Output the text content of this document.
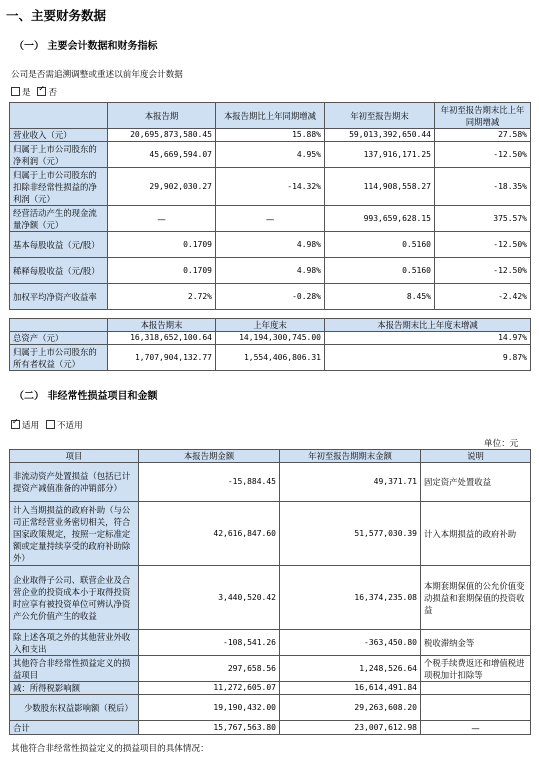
一、主要财务数据
（一） 主要会计数据和财务指标
公司是否需追溯调整或重述以前年度会计数据
是 ✓ 否
	本报告期	本报告期比上年同期增减	年初至报告期末	年初至报告期末比上年同期增减
营业收入（元）	20,695,873,580.45	15.88%	59,013,392,650.44	27.58%
归属于上市公司股东的净利润（元）	45,669,594.07	4.95%	137,916,171.25	-12.50%
归属于上市公司股东的扣除非经常性损益的净利润（元）	29,902,030.27	-14.32%	114,908,558.27	-18.35%
经营活动产生的现金流量净额（元）	—	—	993,659,628.15	375.57%
基本每股收益（元/股）	0.1709	4.98%	0.5160	-12.50%
稀释每股收益（元/股）	0.1709	4.98%	0.5160	-12.50%
加权平均净资产收益率	2.72%	-0.28%	8.45%	-2.42%
	本报告期末	上年度末	本报告期末比上年度末增减
总资产（元）	16,318,652,100.64	14,194,300,745.00	14.97%
归属于上市公司股东的所有者权益（元）	1,707,904,132.77	1,554,406,806.31	9.87%
（二） 非经常性损益项目和金额
✓适用 不适用
单位：元
项目	本报告期金额	年初至报告期期末金额	说明
非流动资产处置损益（包括已计提资产减值准备的冲销部分）	-15,884.45	49,371.71	固定资产处置收益
计入当期损益的政府补助（与公司正常经营业务密切相关，符合国家政策规定，按照一定标准定额或定量持续享受的政府补助除外）	42,616,847.60	51,577,030.39	计入本期损益的政府补助
企业取得子公司、联营企业及合营企业的投资成本小于取得投资时应享有被投资单位可辨认净资产公允价值产生的收益	3,440,520.42	16,374,235.08	本期套期保值的公允价值变动损益和套期保值的投资收益
除上述各项之外的其他营业外收入和支出	-108,541.26	-363,450.80	税收滞纳金等
其他符合非经常性损益定义的损益项目	297,658.56	1,248,526.64	个税手续费返还和增值税进项税加计扣除等
减：所得税影响额	11,272,605.07	16,614,491.84	
少数股东权益影响额（税后）	19,190,432.00	29,263,608.20	
合计	15,767,563.80	23,007,612.98	—
其他符合非经常性损益定义的损益项目的具体情况：
